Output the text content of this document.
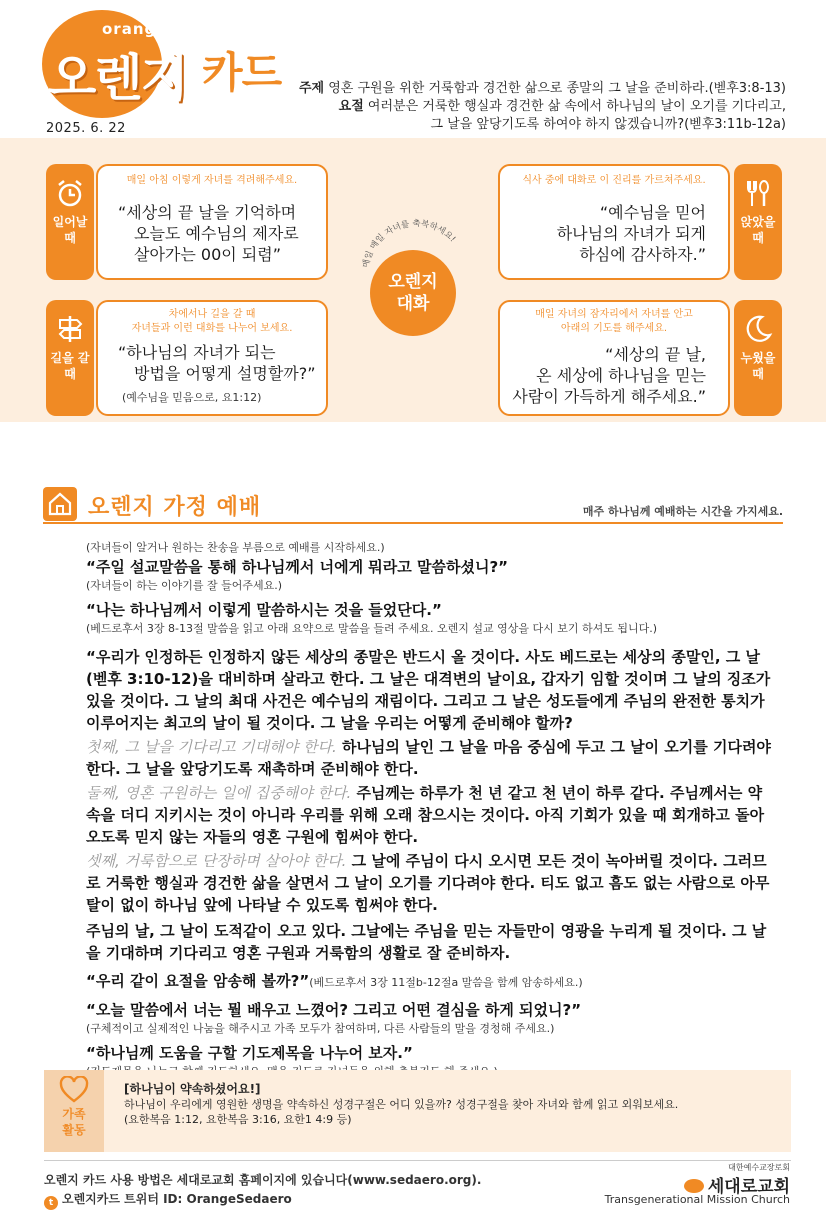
orange
오렌지 카드	주제 영혼 구원을 위한 거룩함과 경건한 삶으로 종말의 그 날을 준비하라.(벧후3:8-13)
요절 여러분은 거룩한 행실과 경건한 삶 속에서 하나님의 날이 오기를 기다리고,
그 날을 앞당기도록 하여야 하지 않겠습니까?(벧후3:11b-12a)
2025. 6. 22
일어날
때
매일 아침 이렇게 자녀를 격려해주세요.
“세상의 끝 날을 기억하며
오늘도 예수님의 제자로
살아가는 00이 되렴”
식사 중에 대화로 이 진리를 가르쳐주세요.
“예수님을 믿어
하나님의 자녀가 되게
하심에 감사하자.”
앉았을
때
길을 갈
때
차에서나 길을 갈 때
자녀들과 이런 대화를 나누어 보세요.
“하나님의 자녀가 되는
방법을 어떻게 설명할까?”
(예수님을 믿음으로, 요1:12)
매일 자녀의 잠자리에서 자녀를 안고
아래의 기도를 해주세요.
“세상의 끝 날,
온 세상에 하나님을 믿는
사람이 가득하게 해주세요.”
누웠을
때
매일 매일 자녀를 축복하세요!
오렌지
대화
오렌지 가정 예배	매주 하나님께 예배하는 시간을 가지세요.
(자녀들이 알거나 원하는 찬송을 부름으로 예배를 시작하세요.)
“주일 설교말씀을 통해 하나님께서 너에게 뭐라고 말씀하셨니?”
(자녀들이 하는 이야기를 잘 들어주세요.)
“나는 하나님께서 이렇게 말씀하시는 것을 들었단다.”
(베드로후서 3장 8-13절 말씀을 읽고 아래 요약으로 말씀을 들려 주세요. 오렌지 설교 영상을 다시 보기 하셔도 됩니다.)
“우리가 인정하든 인정하지 않든 세상의 종말은 반드시 올 것이다. 사도 베드로는 세상의 종말인, 그 날(벧후 3:10-12)을 대비하며 살라고 한다. 그 날은 대격변의 날이요, 갑자기 임할 것이며 그 날의 징조가 있을 것이다. 그 날의 최대 사건은 예수님의 재림이다. 그리고 그 날은 성도들에게 주님의 완전한 통치가 이루어지는 최고의 날이 될 것이다. 그 날을 우리는 어떻게 준비해야 할까?
첫째, 그 날을 기다리고 기대해야 한다. 하나님의 날인 그 날을 마음 중심에 두고 그 날이 오기를 기다려야 한다. 그 날을 앞당기도록 재촉하며 준비해야 한다.
둘째, 영혼 구원하는 일에 집중해야 한다. 주님께는 하루가 천 년 같고 천 년이 하루 같다. 주님께서는 약속을 더디 지키시는 것이 아니라 우리를 위해 오래 참으시는 것이다. 아직 기회가 있을 때 회개하고 돌아오도록 믿지 않는 자들의 영혼 구원에 힘써야 한다.
셋째, 거룩함으로 단장하며 살아야 한다. 그 날에 주님이 다시 오시면 모든 것이 녹아버릴 것이다. 그러므로 거룩한 행실과 경건한 삶을 살면서 그 날이 오기를 기다려야 한다. 티도 없고 흠도 없는 사람으로 아무 탈이 없이 하나님 앞에 나타날 수 있도록 힘써야 한다.
주님의 날, 그 날이 도적같이 오고 있다. 그날에는 주님을 믿는 자들만이 영광을 누리게 될 것이다. 그 날을 기대하며 기다리고 영혼 구원과 거룩함의 생활로 잘 준비하자.
“우리 같이 요절을 암송해 볼까?”(베드로후서 3장 11절b-12절a 말씀을 함께 암송하세요.)
“오늘 말씀에서 너는 뭘 배우고 느꼈어? 그리고 어떤 결심을 하게 되었니?”
(구체적이고 실제적인 나눔을 해주시고 가족 모두가 참여하며, 다른 사람들의 말을 경청해 주세요.)
“하나님께 도움을 구할 기도제목을 나누어 보자.”
가족
활동
[하나님이 약속하셨어요!]
하나님이 우리에게 영원한 생명을 약속하신 성경구절은 어디 있을까? 성경구절을 찾아 자녀와 함께 읽고 외워보세요.
(요한복음 1:12, 요한복음 3:16, 요한1 4:9 등)
오렌지 카드 사용 방법은 세대로교회 홈페이지에 있습니다(www.sedaero.org).
t 오렌지카드 트위터 ID: OrangeSedaero
대한예수교장로회
세대로교회
Transgenerational Mission Church
